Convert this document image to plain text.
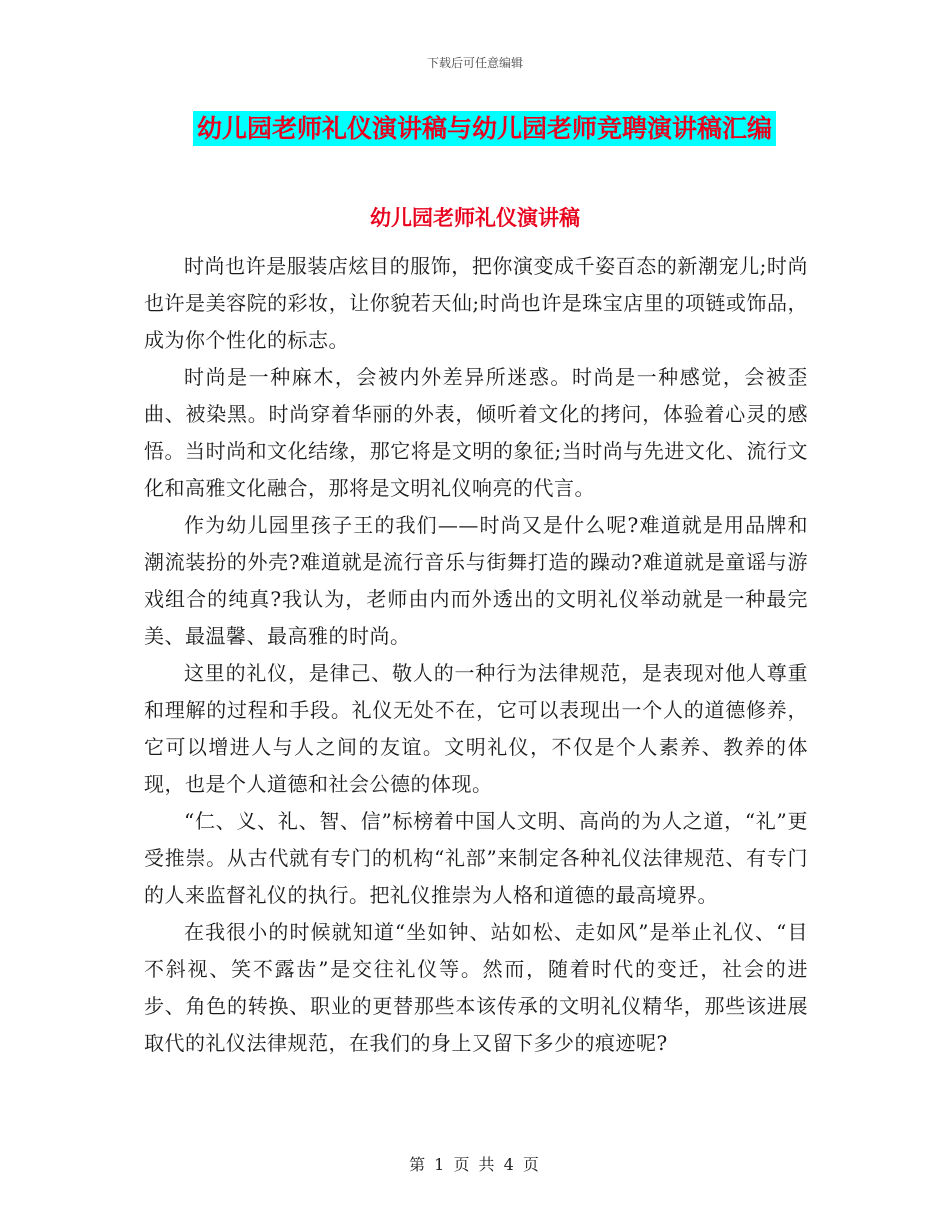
下载后可任意编辑
幼儿园老师礼仪演讲稿与幼儿园老师竞聘演讲稿汇编
幼儿园老师礼仪演讲稿

时尚也许是服装店炫目的服饰，把你演变成千姿百态的新潮宠儿;时尚也许是美容院的彩妆，让你貌若天仙;时尚也许是珠宝店里的项链或饰品，成为你个性化的标志。

时尚是一种麻木，会被内外差异所迷惑。时尚是一种感觉，会被歪曲、被染黑。时尚穿着华丽的外表，倾听着文化的拷问，体验着心灵的感悟。当时尚和文化结缘，那它将是文明的象征;当时尚与先进文化、流行文化和高雅文化融合，那将是文明礼仪响亮的代言。

作为幼儿园里孩子王的我们——时尚又是什么呢?难道就是用品牌和潮流装扮的外壳?难道就是流行音乐与街舞打造的躁动?难道就是童谣与游戏组合的纯真?我认为，老师由内而外透出的文明礼仪举动就是一种最完美、最温馨、最高雅的时尚。

这里的礼仪，是律己、敬人的一种行为法律规范，是表现对他人尊重和理解的过程和手段。礼仪无处不在，它可以表现出一个人的道德修养，它可以增进人与人之间的友谊。文明礼仪，不仅是个人素养、教养的体现，也是个人道德和社会公德的体现。

“仁、义、礼、智、信”标榜着中国人文明、高尚的为人之道，“礼”更受推崇。从古代就有专门的机构“礼部”来制定各种礼仪法律规范、有专门的人来监督礼仪的执行。把礼仪推崇为人格和道德的最高境界。

在我很小的时候就知道“坐如钟、站如松、走如风”是举止礼仪、“目不斜视、笑不露齿”是交往礼仪等。然而，随着时代的变迁，社会的进步、角色的转换、职业的更替那些本该传承的文明礼仪精华，那些该进展取代的礼仪法律规范，在我们的身上又留下多少的痕迹呢?

第 1 页 共 4 页
